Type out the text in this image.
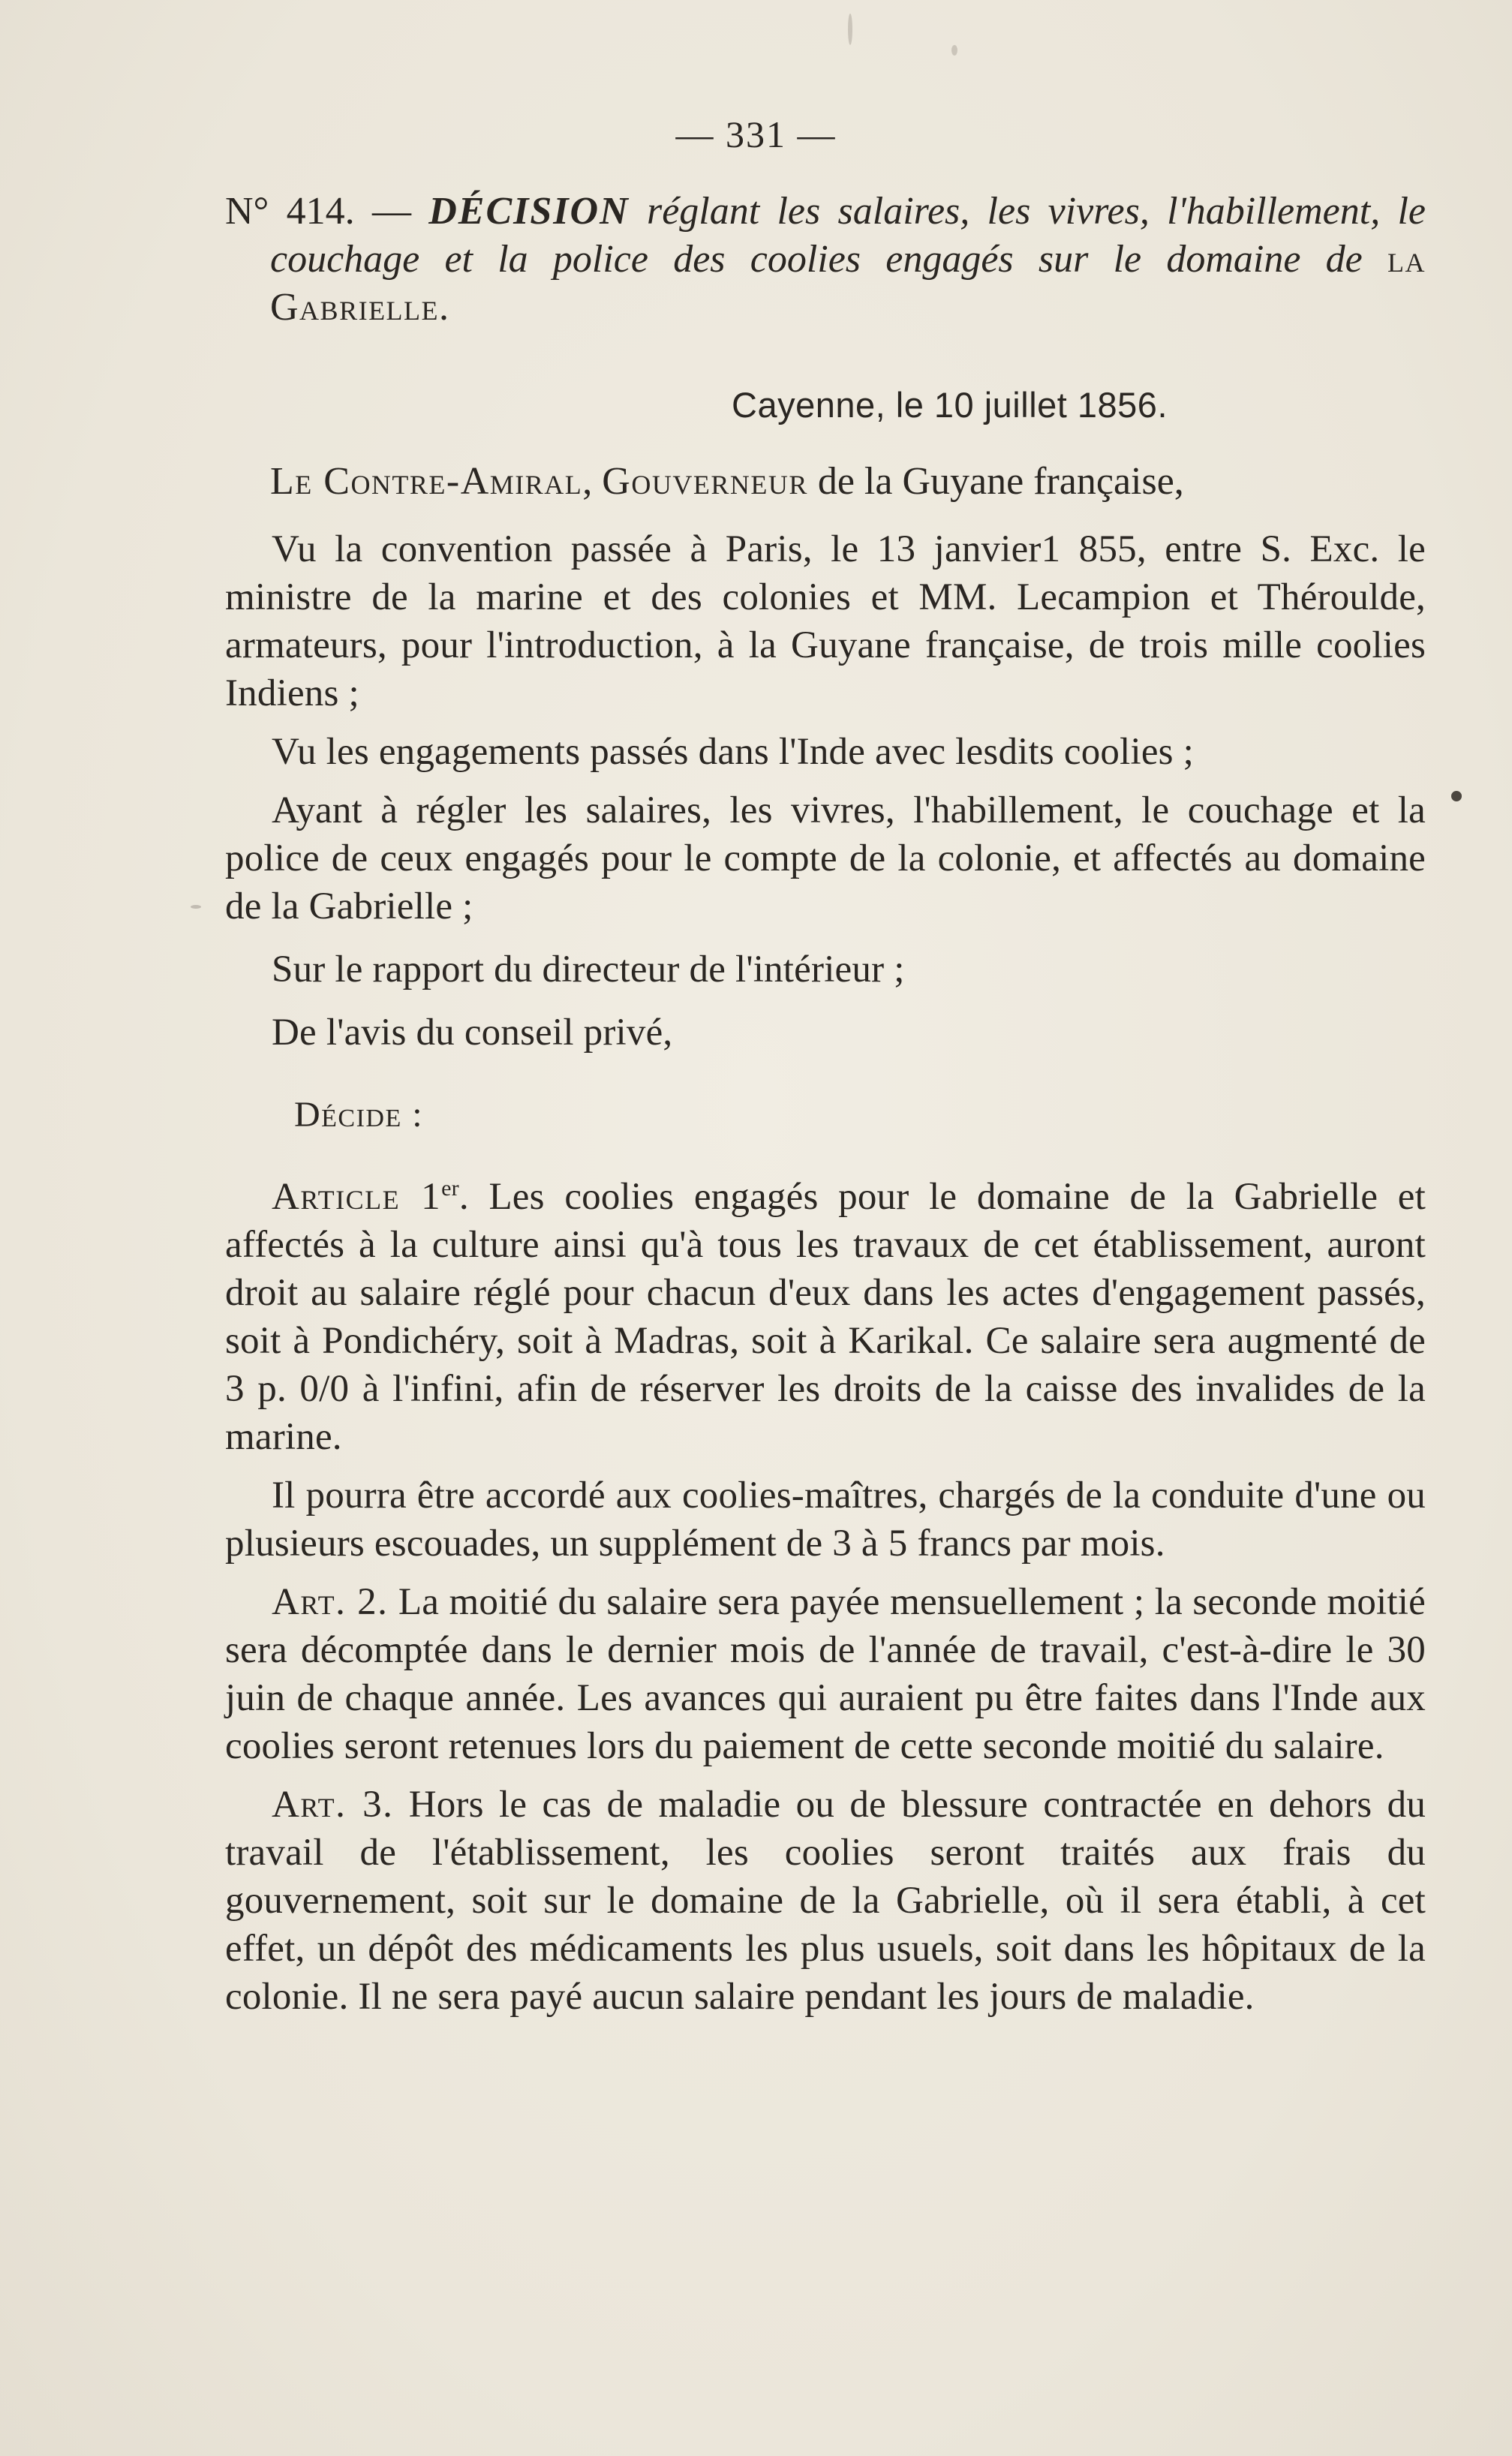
— 331 —
N° 414. — DÉCISION réglant les salaires, les vivres, l'habillement, le couchage et la police des coolies engagés sur le domaine de la Gabrielle.
Cayenne, le 10 juillet 1856.
Le Contre-Amiral, Gouverneur de la Guyane française,

Vu la convention passée à Paris, le 13 janvier1 855, entre S. Exc. le ministre de la marine et des colonies et MM. Lecampion et Théroulde, armateurs, pour l'introduction, à la Guyane française, de trois mille coolies Indiens ;

Vu les engagements passés dans l'Inde avec lesdits coolies ;

Ayant à régler les salaires, les vivres, l'habillement, le couchage et la police de ceux engagés pour le compte de la colonie, et affectés au domaine de la Gabrielle ;

Sur le rapport du directeur de l'intérieur ;

De l'avis du conseil privé,

Décide :

Article 1er. Les coolies engagés pour le domaine de la Gabrielle et affectés à la culture ainsi qu'à tous les travaux de cet établissement, auront droit au salaire réglé pour chacun d'eux dans les actes d'engagement passés, soit à Pondichéry, soit à Madras, soit à Karikal. Ce salaire sera augmenté de 3 p. 0/0 à l'infini, afin de réserver les droits de la caisse des invalides de la marine.

Il pourra être accordé aux coolies-maîtres, chargés de la conduite d'une ou plusieurs escouades, un supplément de 3 à 5 francs par mois.

Art. 2. La moitié du salaire sera payée mensuellement ; la seconde moitié sera décomptée dans le dernier mois de l'année de travail, c'est-à-dire le 30 juin de chaque année. Les avances qui auraient pu être faites dans l'Inde aux coolies seront retenues lors du paiement de cette seconde moitié du salaire.

Art. 3. Hors le cas de maladie ou de blessure contractée en dehors du travail de l'établissement, les coolies seront traités aux frais du gouvernement, soit sur le domaine de la Gabrielle, où il sera établi, à cet effet, un dépôt des médicaments les plus usuels, soit dans les hôpitaux de la colonie. Il ne sera payé aucun salaire pendant les jours de maladie.
